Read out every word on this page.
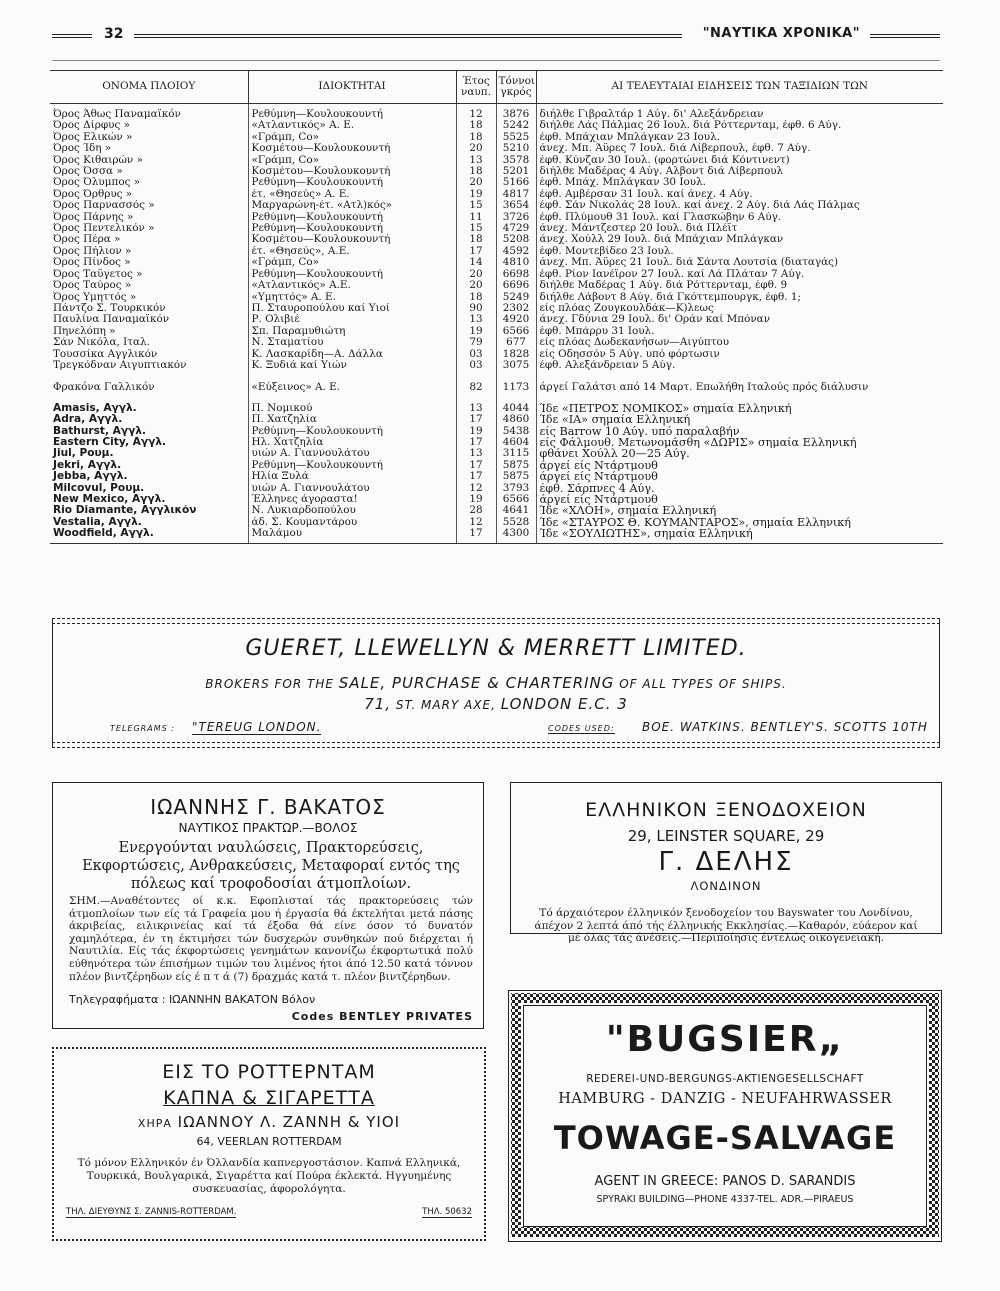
32	"ΝΑΥΤΙΚΑ ΧΡΟΝΙΚΑ"
ΟΝΟΜΑ ΠΛΟΙΟΥ	ΙΔΙΟΚΤΗΤΑΙ	Έτος ναυπ.	Τόννοι γκρός	ΑΙ ΤΕΛΕΥΤΑΙΑΙ ΕΙΔΗΣΕΙΣ ΤΩΝ ΤΑΞΙΔΙΩΝ ΤΩΝ
Όρος Άθως Παναμαϊκόν	Ρεθύμνη—Κουλουκουντή	12	3876	διήλθε Γιβραλτάρ 1 Αύγ. δι' Αλεξάνδρειαν
Όρος Δίρφυς »	«Ατλαντικός» Α. Ε.	18	5242	διήλθε Λάς Πάλμας 26 Ιουλ. διά Ρόττερνταμ, έφθ. 6 Αύγ.
Όρος Ελικών »	«Γράμπ, Co»	18	5525	έφθ. Μπάχιαν Μπλάγκαν 23 Ιουλ.
Όρος Ίδη »	Κοσμέτου—Κουλουκουντή	20	5210	άνεχ. Μπ. Άϋρες 7 Ιουλ. διά Λίβερπουλ, έφθ. 7 Αύγ.
Όρος Κιθαιρών »	«Γράμπ, Co»	13	3578	έφθ. Κύνζαν 30 Ιουλ. (φορτώνει διά Κόντινεντ)
Όρος Όσσα »	Κοσμέτου—Κουλουκουντή	18	5201	διήλθε Μαδέρας 4 Αύγ. Αλβοντ διά Λίβερπουλ
Όρος Όλυμπος »	Ρεθύμνη—Κουλουκουντή	20	5166	έφθ. Μπάχ. Μπλάγκαν 30 Ιουλ.
Όρος Όρθρυς »	έτ. «Θησεύς» Α. Ε.	19	4817	έφθ. Αμβέρσαν 31 Ιουλ. καί άνεχ. 4 Αύγ.
Όρος Παρνασσός »	Μαργαρώνη-έτ. «Ατλ)κός»	15	3654	έφθ. Σάν Νικολάς 28 Ιουλ. καί άνεχ. 2 Αύγ. διά Λάς Πάλμας
Όρος Πάρνης »	Ρεθύμνη—Κουλουκουντή	11	3726	έφθ. Πλύμουθ 31 Ιουλ. καί Γλασκώβην 6 Αύγ.
Όρος Πεντελικόν »	Ρεθύμνη—Κουλουκουντή	15	4729	άνεχ. Μάντζεστερ 20 Ιουλ. διά Πλέϊτ
Όρος Πέρα »	Κοσμέτου—Κουλουκουντή	18	5208	άνεχ. Χούλλ 29 Ιουλ. διά Μπάχιαν Μπλάγκαν
Όρος Πήλιον »	έτ. «Θησεύς», Α.Ε.	17	4592	έφθ. Μοντεβίδεο 23 Ιουλ.
Όρος Πίνδος »	«Γράμπ, Co»	14	4810	άνεχ. Μπ. Άϋρες 21 Ιουλ. διά Σάντα Λουτσία (διαταγάς)
Όρος Ταΰγετος »	Ρεθύμνη—Κουλουκουντή	20	6698	έφθ. Ρίον Ιανέϊρον 27 Ιουλ. καί Λά Πλάταν 7 Αύγ.
Όρος Ταύρος »	«Ατλαντικός» Α.Ε.	20	6696	διήλθε Μαδέρας 1 Αύγ. διά Ρόττερνταμ, έφθ. 9
Όρος Υμηττός »	«Υμηττός» Α. Ε.	18	5249	διήλθε Λάβοντ 8 Αύγ. διά Γκόττεμπουργκ, έφθ. 1;
Πάντζο Σ. Τουρκικόν	Π. Σταυροπούλου καί Υιοί	90	2302	είς πλόας Ζουγκουλδάκ—Κ)λεως
Παυλίνα Παναμαϊκόν	Ρ. Ολιβιέ	13	4920	άνεχ. Γδύνια 29 Ιουλ. δι' Οράν καί Μπόναν
Πηνελόπη »	Σπ. Παραμυθιώτη	19	6566	έφθ. Μπάρρυ 31 Ιουλ.
Σάν Νικόλα, Ιταλ.	Ν. Σταματίου	79	677	είς πλόας Δωδεκανήσων—Αιγύπτου
Τουσσίκα Αγγλικόν	Κ. Λασκαρίδη—Α. Δάλλα	03	1828	είς Οδησσόν 5 Αύγ. υπό φόρτωσιν
Τρεγκόδναν Αιγυπτιακόν	Κ. Ξυδιά καί Υιών	03	3075	έφθ. Αλεξάνδρειαν 5 Αύγ.
Φρακόνα Γαλλικόν	«Εύξεινος» Α. Ε.	82	1173	άργεί Γαλάτσι από 14 Μαρτ. Επωλήθη Ιταλούς πρός διάλυσιν
Amasis, Αγγλ.	Π. Νομικού	13	4044	Ίδε «ΠΕΤΡΟΣ ΝΟΜΙΚΟΣ» σημαία Ελληνική
Adra, Αγγλ.	Π. Χατζηλία	17	4860	Ίδε «ΙΑ» σημαία Ελληνική
Bathurst, Αγγλ.	Ρεθύμνη—Κουλουκουντή	19	5438	είς Barrow 10 Αύγ. υπό παραλαβήν
Eastern City, Αγγλ.	Ηλ. Χατζηλία	17	4604	είς Φάλμουθ. Μετωνομάσθη «ΔΩΡΙΣ» σημαία Ελληνική
Jiul, Ρουμ.	υιών Α. Γιαννουλάτου	13	3115	φθάνει Χούλλ 20—25 Αύγ.
Jekri, Αγγλ.	Ρεθύμνη—Κουλουκουντή	17	5875	άργεί είς Ντάρτμουθ
Jebba, Αγγλ.	Ηλία Ξυλά	17	5875	άργεί είς Ντάρτμουθ
Milcovul, Ρουμ.	υιών Α. Γιαννουλάτου	12	3793	έφθ. Σάρπνες 4 Αύγ.
New Mexico, Αγγλ.	Έλληνες άγοραστα!	19	6566	άργεί είς Ντάρτμουθ
Rio Diamante, Αγγλικόν	Ν. Λυκιαρδοπούλου	28	4641	Ίδε «ΧΛΟΗ», σημαία Ελληνική
Vestalia, Αγγλ.	άδ. Σ. Κουμαντάρου	12	5528	Ίδε «ΣΤΑΥΡΟΣ Θ. ΚΟΥΜΑΝΤΑΡΟΣ», σημαία Ελληνική
Woodfield, Αγγλ.	Μαλάμου	17	4300	Ίδε «ΣΟΥΛΙΩΤΗΣ», σημαία Ελληνική
GUERET, LLEWELLYN & MERRETT LIMITED.
BROKERS FOR THE SALE, PURCHASE & CHARTERING OF ALL TYPES OF SHIPS.
71, ST. MARY AXE, LONDON E.C. 3
TELEGRAMS : "TEREUG LONDON.	CODES USED: BOE. WATKINS. BENTLEY'S. SCOTTS 10TH
ΙΩΑΝΝΗΣ Γ. ΒΑΚΑΤΟΣ
ΝΑΥΤΙΚΟΣ ΠΡΑΚΤΩΡ.—ΒΟΛΟΣ
Ενεργούνται ναυλώσεις, Πρακτορεύσεις, Εκφορτώσεις, Ανθρακεύσεις, Μεταφοραί εντός της πόλεως καί τροφοδοσίαι άτμοπλοίων.
ΣΗΜ.—Αναθέτοντες οί κ.κ. Εφοπλισταί τάς πρακτορεύσεις τών άτμοπλοίων των είς τά Γραφεία μου ή έργασία θά έκτελήται μετά πάσης άκριβείας, ειλικρινείας καί τά έξοδα θά είνε όσον τό δυνατόν χαμηλότερα, έν τη έκτιμήσει τών δυσχερών συνθηκών πού διέρχεται ή Ναυτιλία. Είς τάς έκφορτώσεις γενημάτων κανονίζω έκφορτωτικά πολύ εύθηνότερα τών έπισήμων τιμών του λιμένος ήτοι άπό 12.50 κατά τόννον πλέον βιντζέρηδων είς έ π τ ά (7) δραχμάς κατά τ. πλέον βιντζέρηδων.
Τηλεγραφήματα : ΙΩΑΝΝΗΝ ΒΑΚΑΤΟΝ Βόλον
Codes BENTLEY PRIVATES
ΕΛΛΗΝΙΚΟΝ ΞΕΝΟΔΟΧΕΙΟΝ
29, LEINSTER SQUARE, 29
Γ. ΔΕΛΗΣ
ΛΟΝΔΙΝΟΝ
Τό άρχαιότερον έλληνικόν ξενοδοχείον του Bayswater του Λονδίνου, άπέχον 2 λεπτά άπό τής έλληνικής Εκκλησίας.—Καθαρόν, εύάερον καί μέ όλας τάς άνέσεις.—Περιποίησις έντελώς οικογενειακή.
ΕΙΣ ΤΟ ΡΟΤΤΕΡΝΤΑΜ
ΚΑΠΝΑ & ΣΙΓΑΡΕΤΤΑ
ΧΗΡΑ ΙΩΑΝΝΟΥ Λ. ΖΑΝΝΗ & ΥΙΟΙ
64, VEERLAN ROTTERDAM
Τό μόνον Ελληνικόν έν Όλλανδία καπνεργοστάσιον. Καπνά Ελληνικά, Τουρκικά, Βουλγαρικά, Σιγαρέττα καί Πούρα έκλεκτά. Ηγγυημένης συσκευασίας, άφορολόγητα.
ΤΗΛ. ΔΙΕΥΘΥΝΣ Σ. ZANNIS-ROTTERDAM.	ΤΗΛ. 50632
"BUGSIER„
REDEREI-UND-BERGUNGS-AKTIENGESELLSCHAFT
HAMBURG - DANZIG - NEUFAHRWASSER
TOWAGE-SALVAGE
AGENT IN GREECE: PANOS D. SARANDIS
SPYRAKI BUILDING—PHONE 4337-TEL. ADR.—PIRAEUS
